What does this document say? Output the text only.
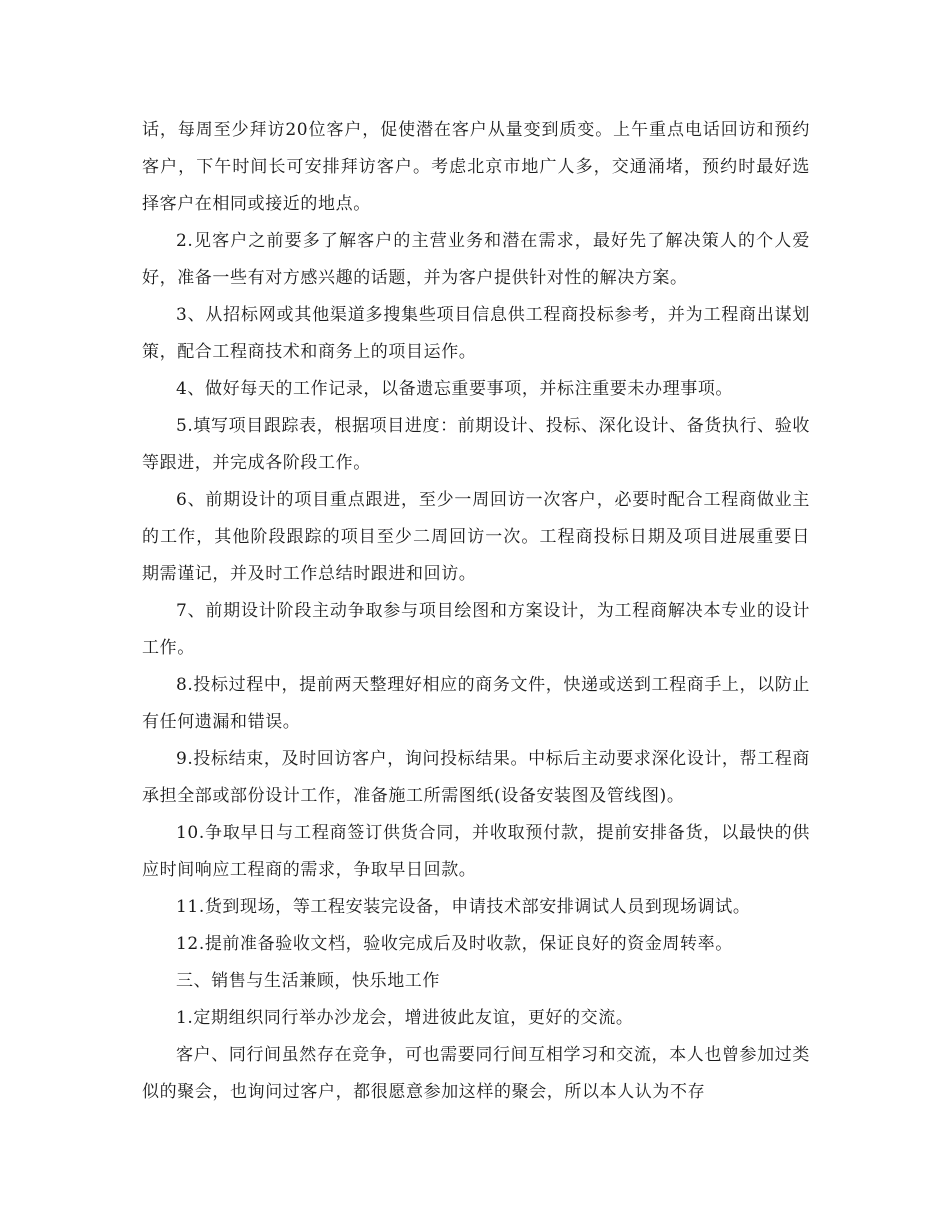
话，每周至少拜访20位客户，促使潜在客户从量变到质变。上午重点电话回访和预约客户，下午时间长可安排拜访客户。考虑北京市地广人多，交通涌堵，预约时最好选择客户在相同或接近的地点。

2.见客户之前要多了解客户的主营业务和潜在需求，最好先了解决策人的个人爱好，准备一些有对方感兴趣的话题，并为客户提供针对性的解决方案。

3、从招标网或其他渠道多搜集些项目信息供工程商投标参考，并为工程商出谋划策，配合工程商技术和商务上的项目运作。

4、做好每天的工作记录，以备遗忘重要事项，并标注重要未办理事项。

5.填写项目跟踪表，根据项目进度：前期设计、投标、深化设计、备货执行、验收等跟进，并完成各阶段工作。

6、前期设计的项目重点跟进，至少一周回访一次客户，必要时配合工程商做业主的工作，其他阶段跟踪的项目至少二周回访一次。工程商投标日期及项目进展重要日期需谨记，并及时工作总结时跟进和回访。

7、前期设计阶段主动争取参与项目绘图和方案设计，为工程商解决本专业的设计工作。

8.投标过程中，提前两天整理好相应的商务文件，快递或送到工程商手上，以防止有任何遗漏和错误。

9.投标结束，及时回访客户，询问投标结果。中标后主动要求深化设计，帮工程商承担全部或部份设计工作，准备施工所需图纸(设备安装图及管线图)。

10.争取早日与工程商签订供货合同，并收取预付款，提前安排备货，以最快的供应时间响应工程商的需求，争取早日回款。

11.货到现场，等工程安装完设备，申请技术部安排调试人员到现场调试。

12.提前准备验收文档，验收完成后及时收款，保证良好的资金周转率。

三、销售与生活兼顾，快乐地工作

1.定期组织同行举办沙龙会，增进彼此友谊，更好的交流。

客户、同行间虽然存在竞争，可也需要同行间互相学习和交流，本人也曾参加过类似的聚会，也询问过客户，都很愿意参加这样的聚会，所以本人认为不存
